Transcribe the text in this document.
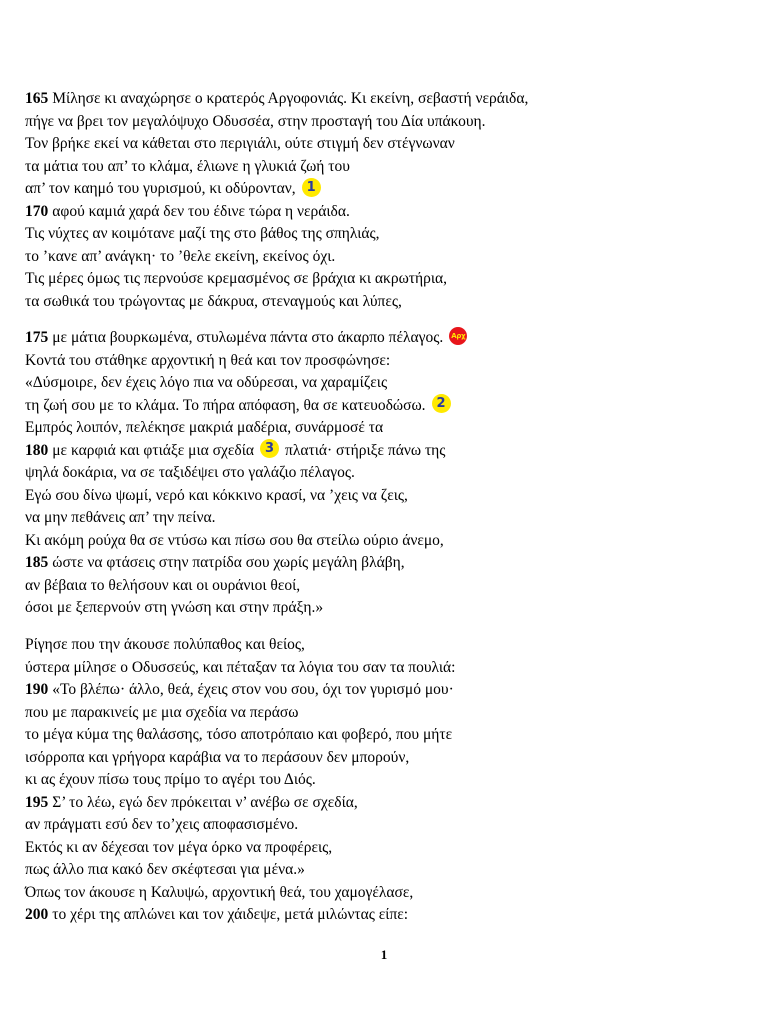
165 Μίλησε κι αναχώρησε ο κρατερός Αργοφονιάς. Κι εκείνη, σεβαστή νεράιδα,
πήγε να βρει τον μεγαλόψυχο Οδυσσέα, στην προσταγή του Δία υπάκουη.
Τον βρήκε εκεί να κάθεται στο περιγιάλι, ούτε στιγμή δεν στέγνωναν
τα μάτια του απ’ το κλάμα, έλιωνε η γλυκιά ζωή του
απ’ τον καημό του γυρισμού, κι οδύρονταν, 1
170 αφού καμιά χαρά δεν του έδινε τώρα η νεράιδα.
Τις νύχτες αν κοιμότανε μαζί της στο βάθος της σπηλιάς,
το ’κανε απ’ ανάγκη· το ’θελε εκείνη, εκείνος όχι.
Τις μέρες όμως τις περνούσε κρεμασμένος σε βράχια κι ακρωτήρια,
τα σωθικά του τρώγοντας με δάκρυα, στεναγμούς και λύπες,
175 με μάτια βουρκωμένα, στυλωμένα πάντα στο άκαρπο πέλαγος. Αρχ
Κοντά του στάθηκε αρχοντική η θεά και τον προσφώνησε:
«Δύσμοιρε, δεν έχεις λόγο πια να οδύρεσαι, να χαραμίζεις
τη ζωή σου με το κλάμα. Το πήρα απόφαση, θα σε κατευοδώσω. 2
Εμπρός λοιπόν, πελέκησε μακριά μαδέρια, συνάρμοσέ τα
180 με καρφιά και φτιάξε μια σχεδία 3 πλατιά· στήριξε πάνω της
ψηλά δοκάρια, να σε ταξιδέψει στο γαλάζιο πέλαγος.
Εγώ σου δίνω ψωμί, νερό και κόκκινο κρασί, να ’χεις να ζεις,
να μην πεθάνεις απ’ την πείνα.
Κι ακόμη ρούχα θα σε ντύσω και πίσω σου θα στείλω ούριο άνεμο,
185 ώστε να φτάσεις στην πατρίδα σου χωρίς μεγάλη βλάβη,
αν βέβαια το θελήσουν και οι ουράνιοι θεοί,
όσοι με ξεπερνούν στη γνώση και στην πράξη.»
Ρίγησε που την άκουσε πολύπαθος και θείος,
ύστερα μίλησε ο Οδυσσεύς, και πέταξαν τα λόγια του σαν τα πουλιά:
190 «Το βλέπω· άλλο, θεά, έχεις στον νου σου, όχι τον γυρισμό μου·
που με παρακινείς με μια σχεδία να περάσω
το μέγα κύμα της θαλάσσης, τόσο αποτρόπαιο και φοβερό, που μήτε
ισόρροπα και γρήγορα καράβια να το περάσουν δεν μπορούν,
κι ας έχουν πίσω τους πρίμο το αγέρι του Διός.
195 Σ’ το λέω, εγώ δεν πρόκειται ν’ ανέβω σε σχεδία,
αν πράγματι εσύ δεν το’χεις αποφασισμένο.
Εκτός κι αν δέχεσαι τον μέγα όρκο να προφέρεις,
πως άλλο πια κακό δεν σκέφτεσαι για μένα.»
Όπως τον άκουσε η Καλυψώ, αρχοντική θεά, του χαμογέλασε,
200 το χέρι της απλώνει και τον χάιδεψε, μετά μιλώντας είπε:
1
